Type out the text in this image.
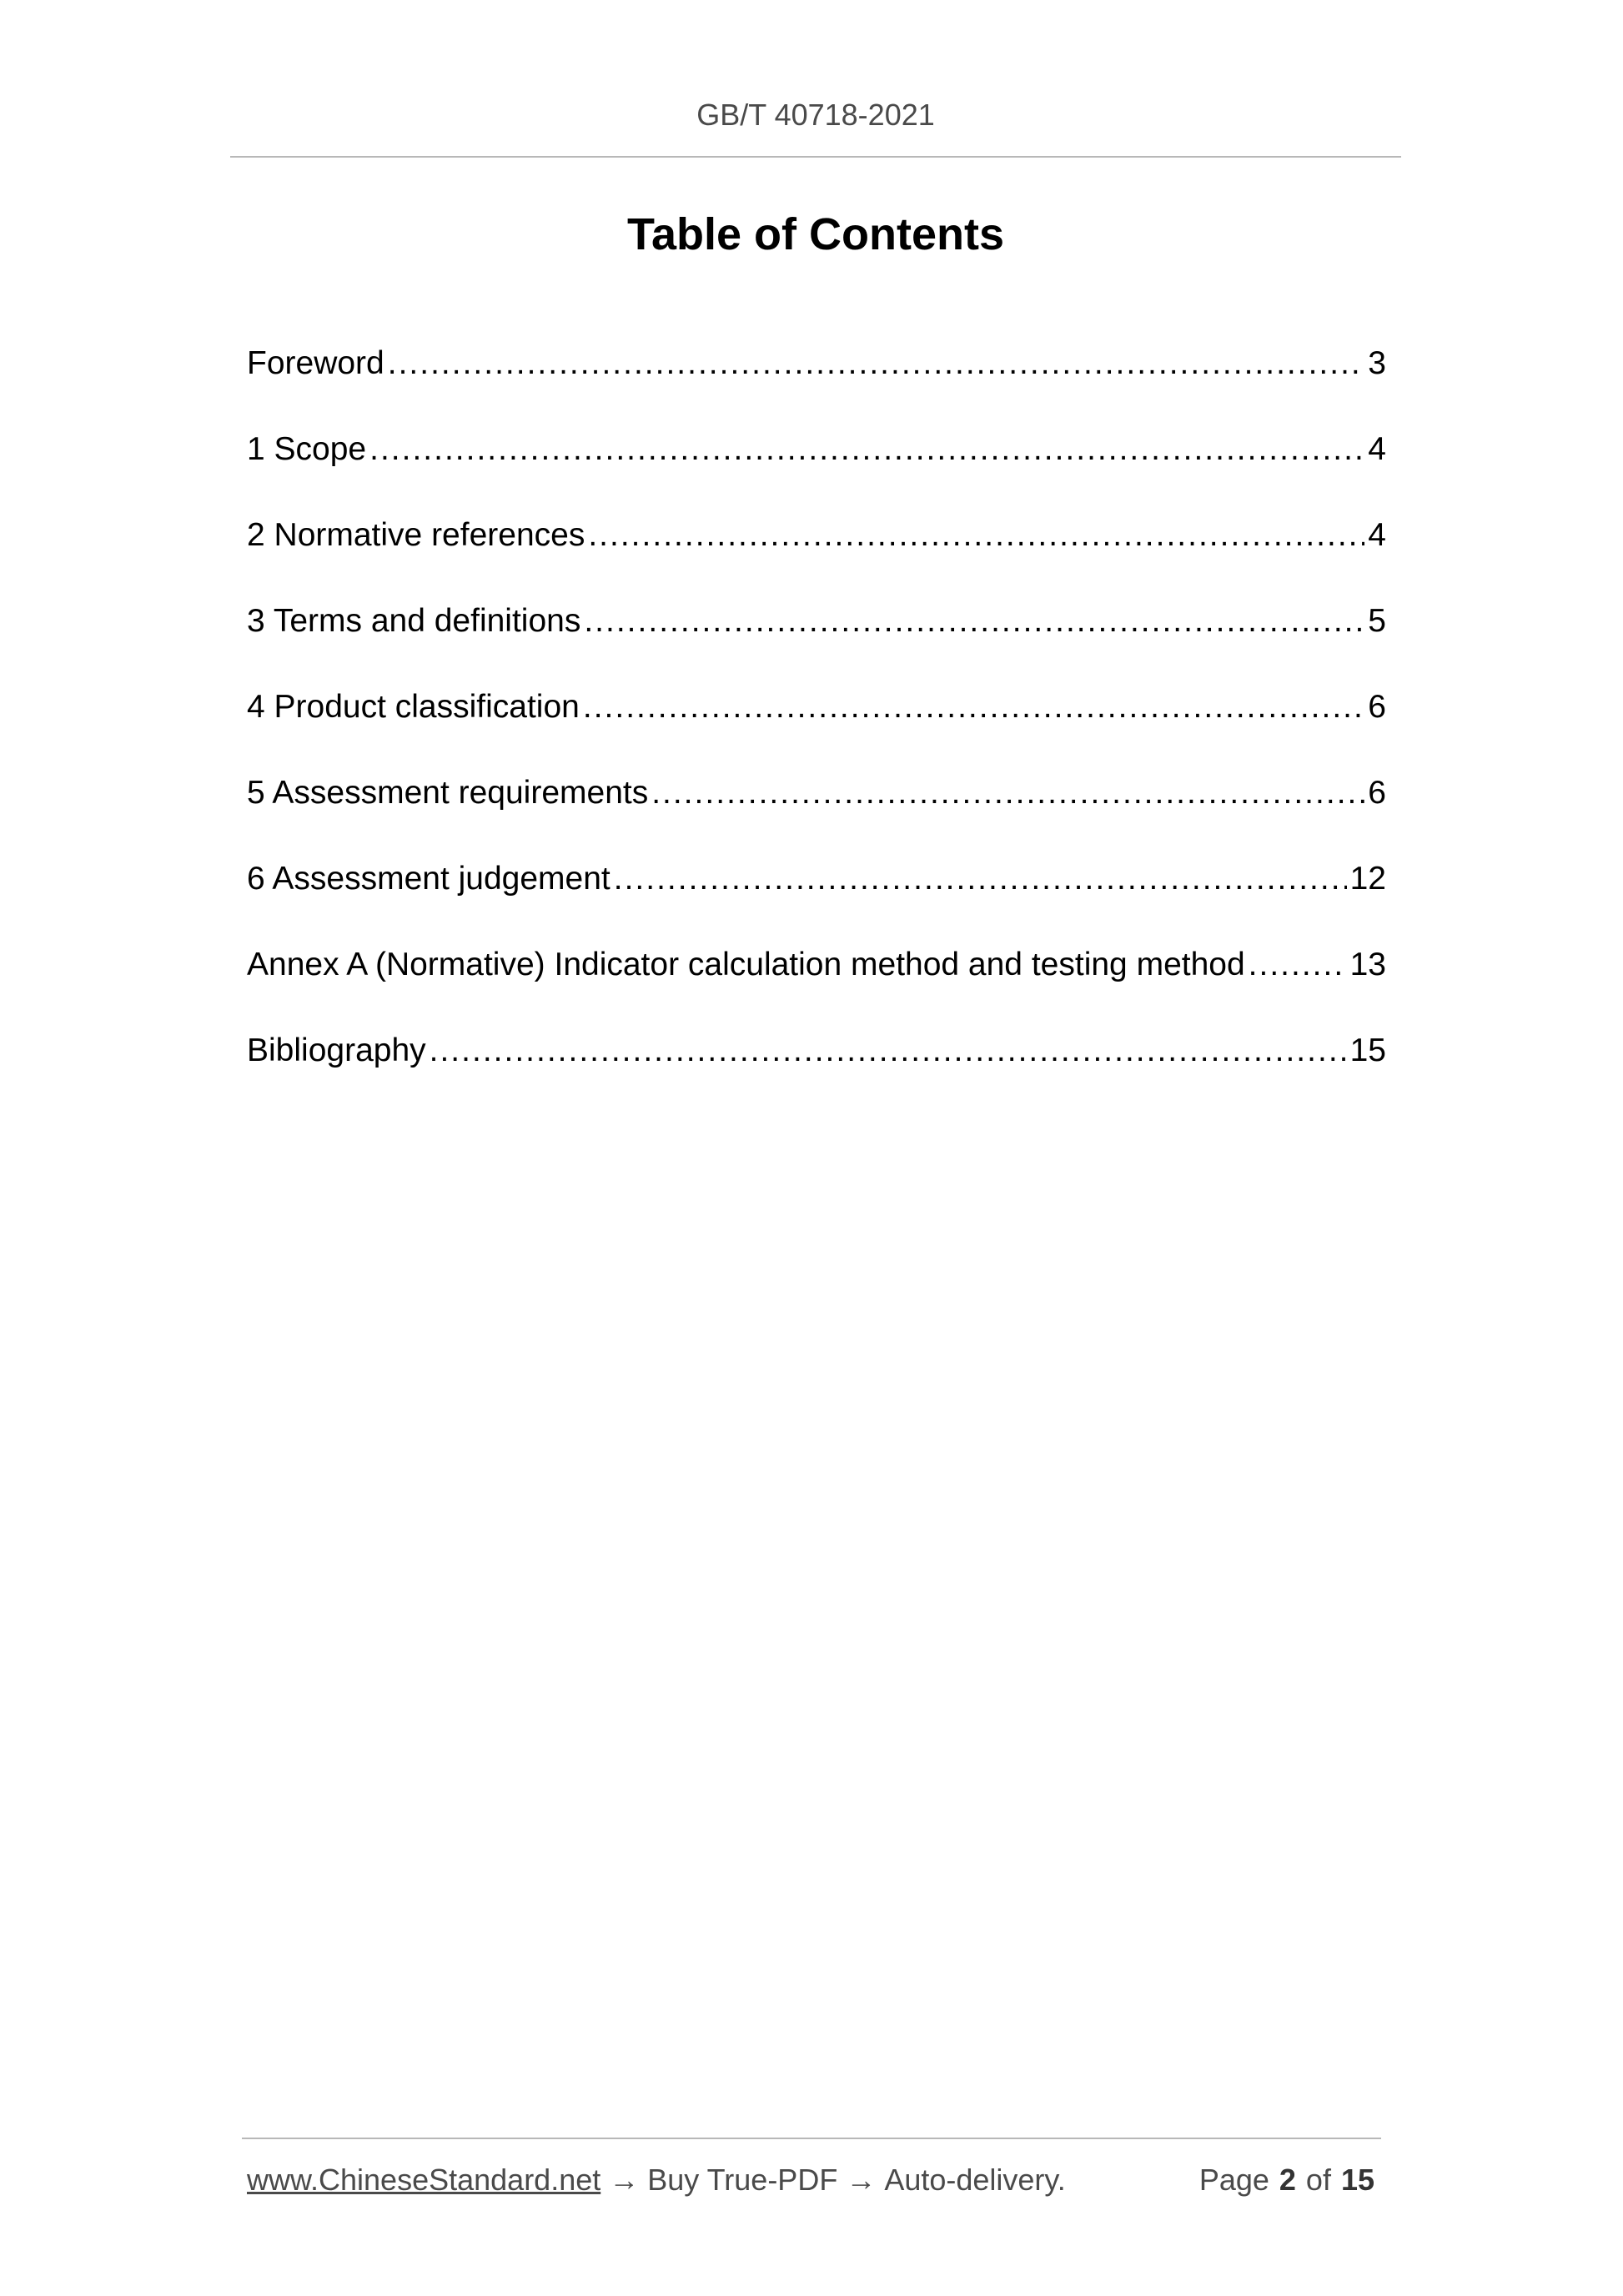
GB/T 40718-2021
Table of Contents
Foreword .....	3
1 Scope .....	4
2 Normative references .....	4
3 Terms and definitions .....	5
4 Product classification .....	6
5 Assessment requirements .....	6
6 Assessment judgement .....	12
Annex A (Normative) Indicator calculation method and testing method .....	13
Bibliography .....	15
www.ChineseStandard.net → Buy True-PDF → Auto-delivery.	Page 2 of 15
